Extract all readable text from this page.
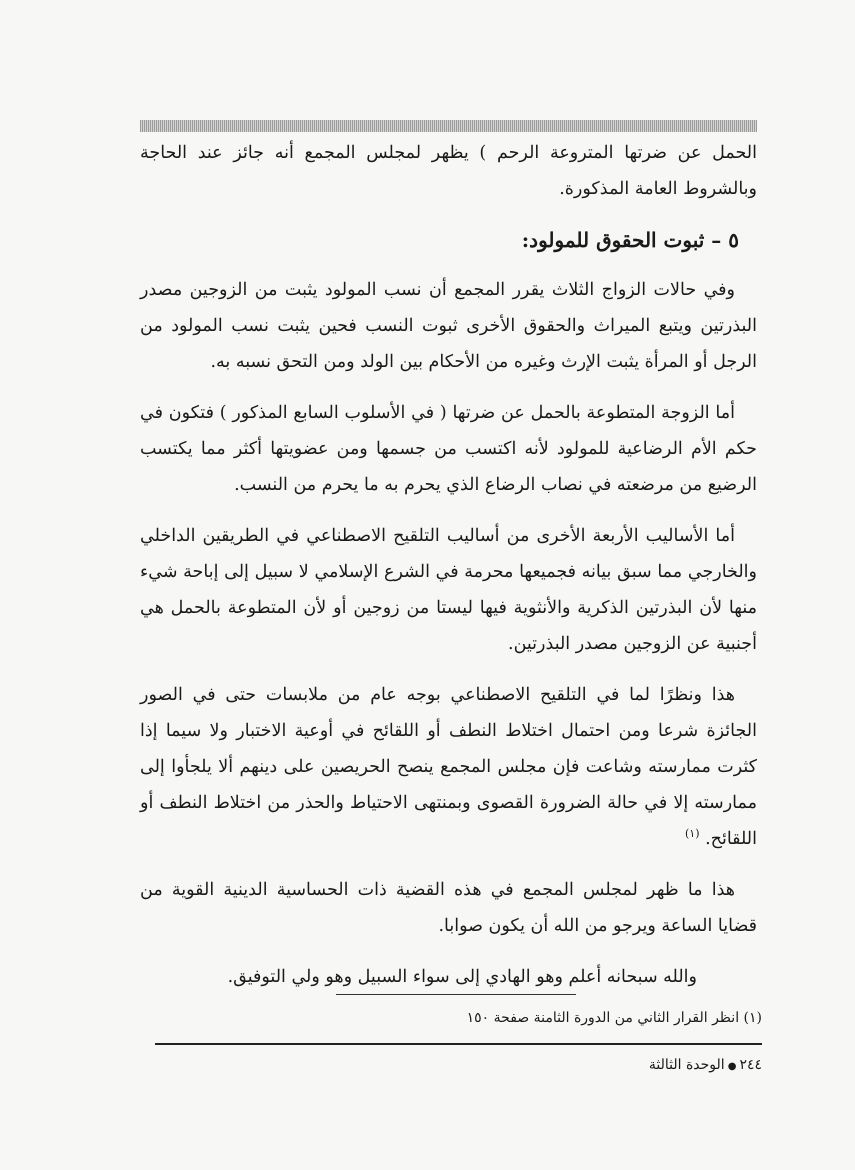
الحمل عن ضرتها المتروعة الرحم ) يظهر لمجلس المجمع أنه جائز عند الحاجة وبالشروط العامة المذكورة.

٥ – ثبوت الحقوق للمولود:

وفي حالات الزواج الثلاث يقرر المجمع أن نسب المولود يثبت من الزوجين مصدر البذرتين ويتبع الميراث والحقوق الأخرى ثبوت النسب فحين يثبت نسب المولود من الرجل أو المرأة يثبت الإرث وغيره من الأحكام بين الولد ومن التحق نسبه به.

أما الزوجة المتطوعة بالحمل عن ضرتها ( في الأسلوب السابع المذكور ) فتكون في حكم الأم الرضاعية للمولود لأنه اكتسب من جسمها ومن عضويتها أكثر مما يكتسب الرضيع من مرضعته في نصاب الرضاع الذي يحرم به ما يحرم من النسب.

أما الأساليب الأربعة الأخرى من أساليب التلقيح الاصطناعي في الطريقين الداخلي والخارجي مما سبق بيانه فجميعها محرمة في الشرع الإسلامي لا سبيل إلى إباحة شيء منها لأن البذرتين الذكرية والأنثوية فيها ليستا من زوجين أو لأن المتطوعة بالحمل هي أجنبية عن الزوجين مصدر البذرتين.

هذا ونظرًا لما في التلقيح الاصطناعي بوجه عام من ملابسات حتى في الصور الجائزة شرعا ومن احتمال اختلاط النطف أو اللقائح في أوعية الاختبار ولا سيما إذا كثرت ممارسته وشاعت فإن مجلس المجمع ينصح الحريصين على دينهم ألا يلجأوا إلى ممارسته إلا في حالة الضرورة القصوى وبمنتهى الاحتياط والحذر من اختلاط النطف أو اللقائح. $^{(١)}$

هذا ما ظهر لمجلس المجمع في هذه القضية ذات الحساسية الدينية القوية من قضايا الساعة ويرجو من الله أن يكون صوابا.

والله سبحانه أعلم وهو الهادي إلى سواء السبيل وهو ولي التوفيق.

(١) انظر القرار الثاني من الدورة الثامنة صفحة ١٥٠
٢٤٤●الوحدة الثالثة
